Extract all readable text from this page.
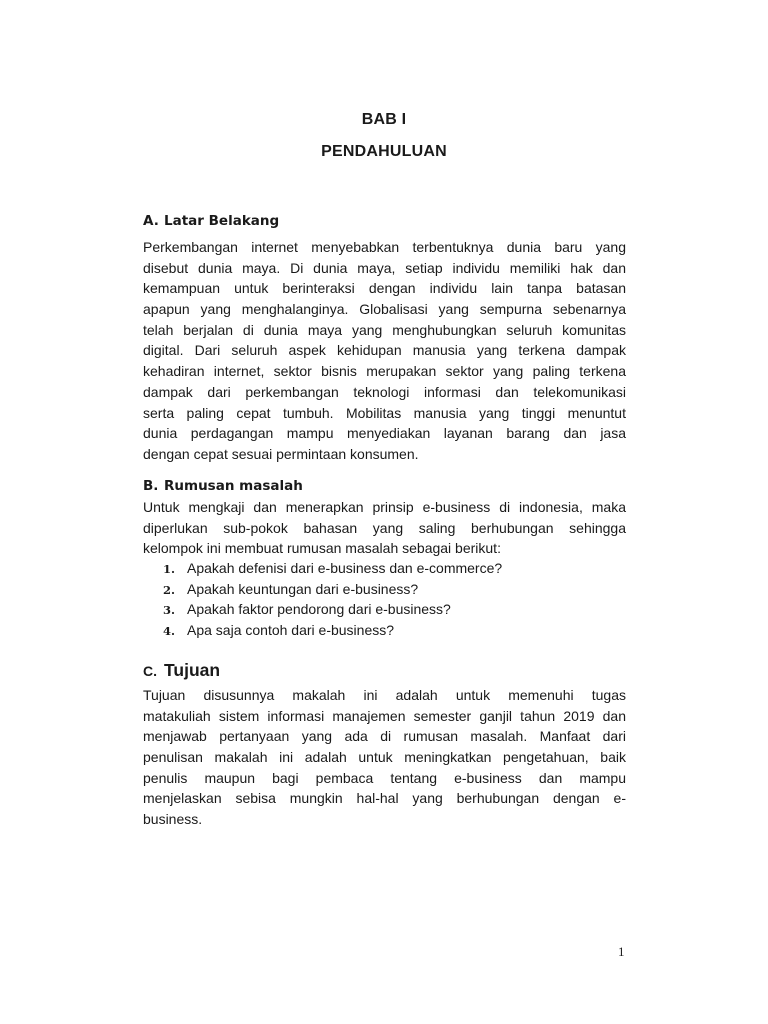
BAB I
PENDAHULUAN
A. Latar Belakang
Perkembangan internet menyebabkan terbentuknya dunia baru yang
disebut dunia maya. Di dunia maya, setiap individu memiliki hak dan
kemampuan untuk berinteraksi dengan individu lain tanpa batasan
apapun yang menghalanginya. Globalisasi yang sempurna sebenarnya
telah berjalan di dunia maya yang menghubungkan seluruh komunitas
digital. Dari seluruh aspek kehidupan manusia yang terkena dampak
kehadiran internet, sektor bisnis merupakan sektor yang paling terkena
dampak dari perkembangan teknologi informasi dan telekomunikasi
serta paling cepat tumbuh. Mobilitas manusia yang tinggi menuntut
dunia perdagangan mampu menyediakan layanan barang dan jasa
dengan cepat sesuai permintaan konsumen.
B. Rumusan masalah
Untuk mengkaji dan menerapkan prinsip e-business di indonesia, maka
diperlukan sub-pokok bahasan yang saling berhubungan sehingga
kelompok ini membuat rumusan masalah sebagai berikut:
1. Apakah defenisi dari e-business dan e-commerce?
2. Apakah keuntungan dari e-business?
3. Apakah faktor pendorong dari e-business?
4. Apa saja contoh dari e-business?
C. Tujuan
Tujuan disusunnya makalah ini adalah untuk memenuhi tugas
matakuliah sistem informasi manajemen semester ganjil tahun 2019 dan
menjawab pertanyaan yang ada di rumusan masalah. Manfaat dari
penulisan makalah ini adalah untuk meningkatkan pengetahuan, baik
penulis maupun bagi pembaca tentang e-business dan mampu
menjelaskan sebisa mungkin hal-hal yang berhubungan dengan e-
business.
1
